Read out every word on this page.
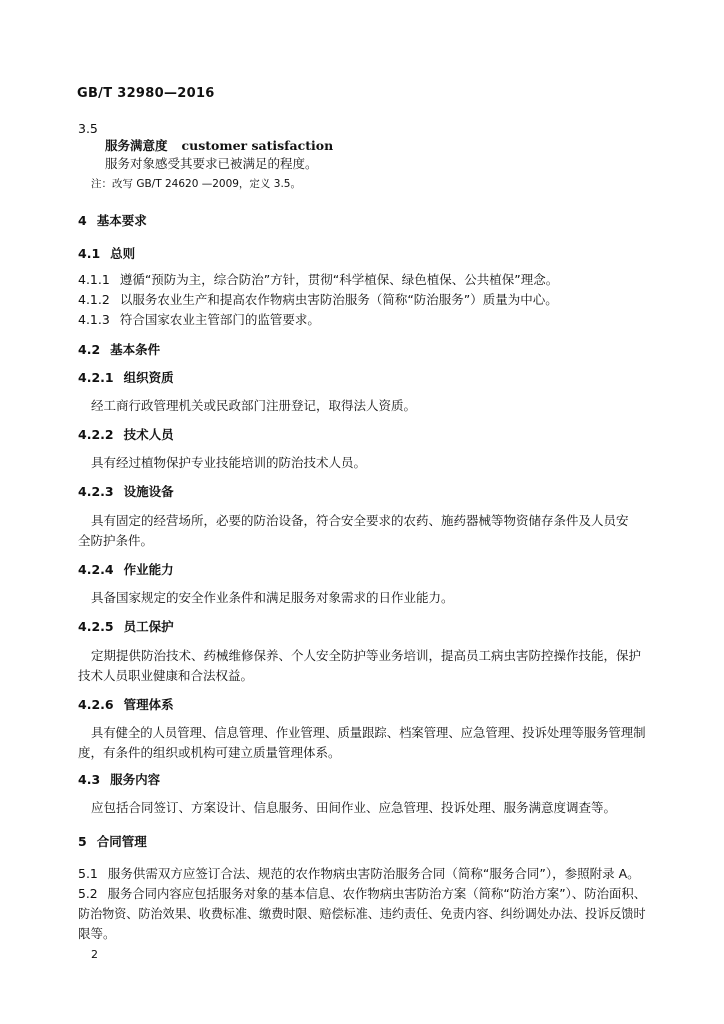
GB/T 32980—2016
3.5
服务满意度 customer satisfaction
服务对象感受其要求已被满足的程度。
注：改写 GB/T 24620 —2009，定义 3.5。
4 基本要求
4.1 总则
4.1.1 遵循“预防为主，综合防治”方针，贯彻“科学植保、绿色植保、公共植保”理念。
4.1.2 以服务农业生产和提高农作物病虫害防治服务（简称“防治服务”）质量为中心。
4.1.3 符合国家农业主管部门的监管要求。
4.2 基本条件
4.2.1 组织资质
经工商行政管理机关或民政部门注册登记，取得法人资质。
4.2.2 技术人员
具有经过植物保护专业技能培训的防治技术人员。
4.2.3 设施设备
具有固定的经营场所，必要的防治设备，符合安全要求的农药、施药器械等物资储存条件及人员安
全防护条件。
4.2.4 作业能力
具备国家规定的安全作业条件和满足服务对象需求的日作业能力。
4.2.5 员工保护
定期提供防治技术、药械维修保养、个人安全防护等业务培训，提高员工病虫害防控操作技能，保护
技术人员职业健康和合法权益。
4.2.6 管理体系
具有健全的人员管理、信息管理、作业管理、质量跟踪、档案管理、应急管理、投诉处理等服务管理制
度，有条件的组织或机构可建立质量管理体系。
4.3 服务内容
应包括合同签订、方案设计、信息服务、田间作业、应急管理、投诉处理、服务满意度调查等。
5 合同管理
5.1 服务供需双方应签订合法、规范的农作物病虫害防治服务合同（简称“服务合同”），参照附录 A。
5.2 服务合同内容应包括服务对象的基本信息、农作物病虫害防治方案（简称“防治方案”）、防治面积、
防治物资、防治效果、收费标准、缴费时限、赔偿标准、违约责任、免责内容、纠纷调处办法、投诉反馈时
限等。
2
